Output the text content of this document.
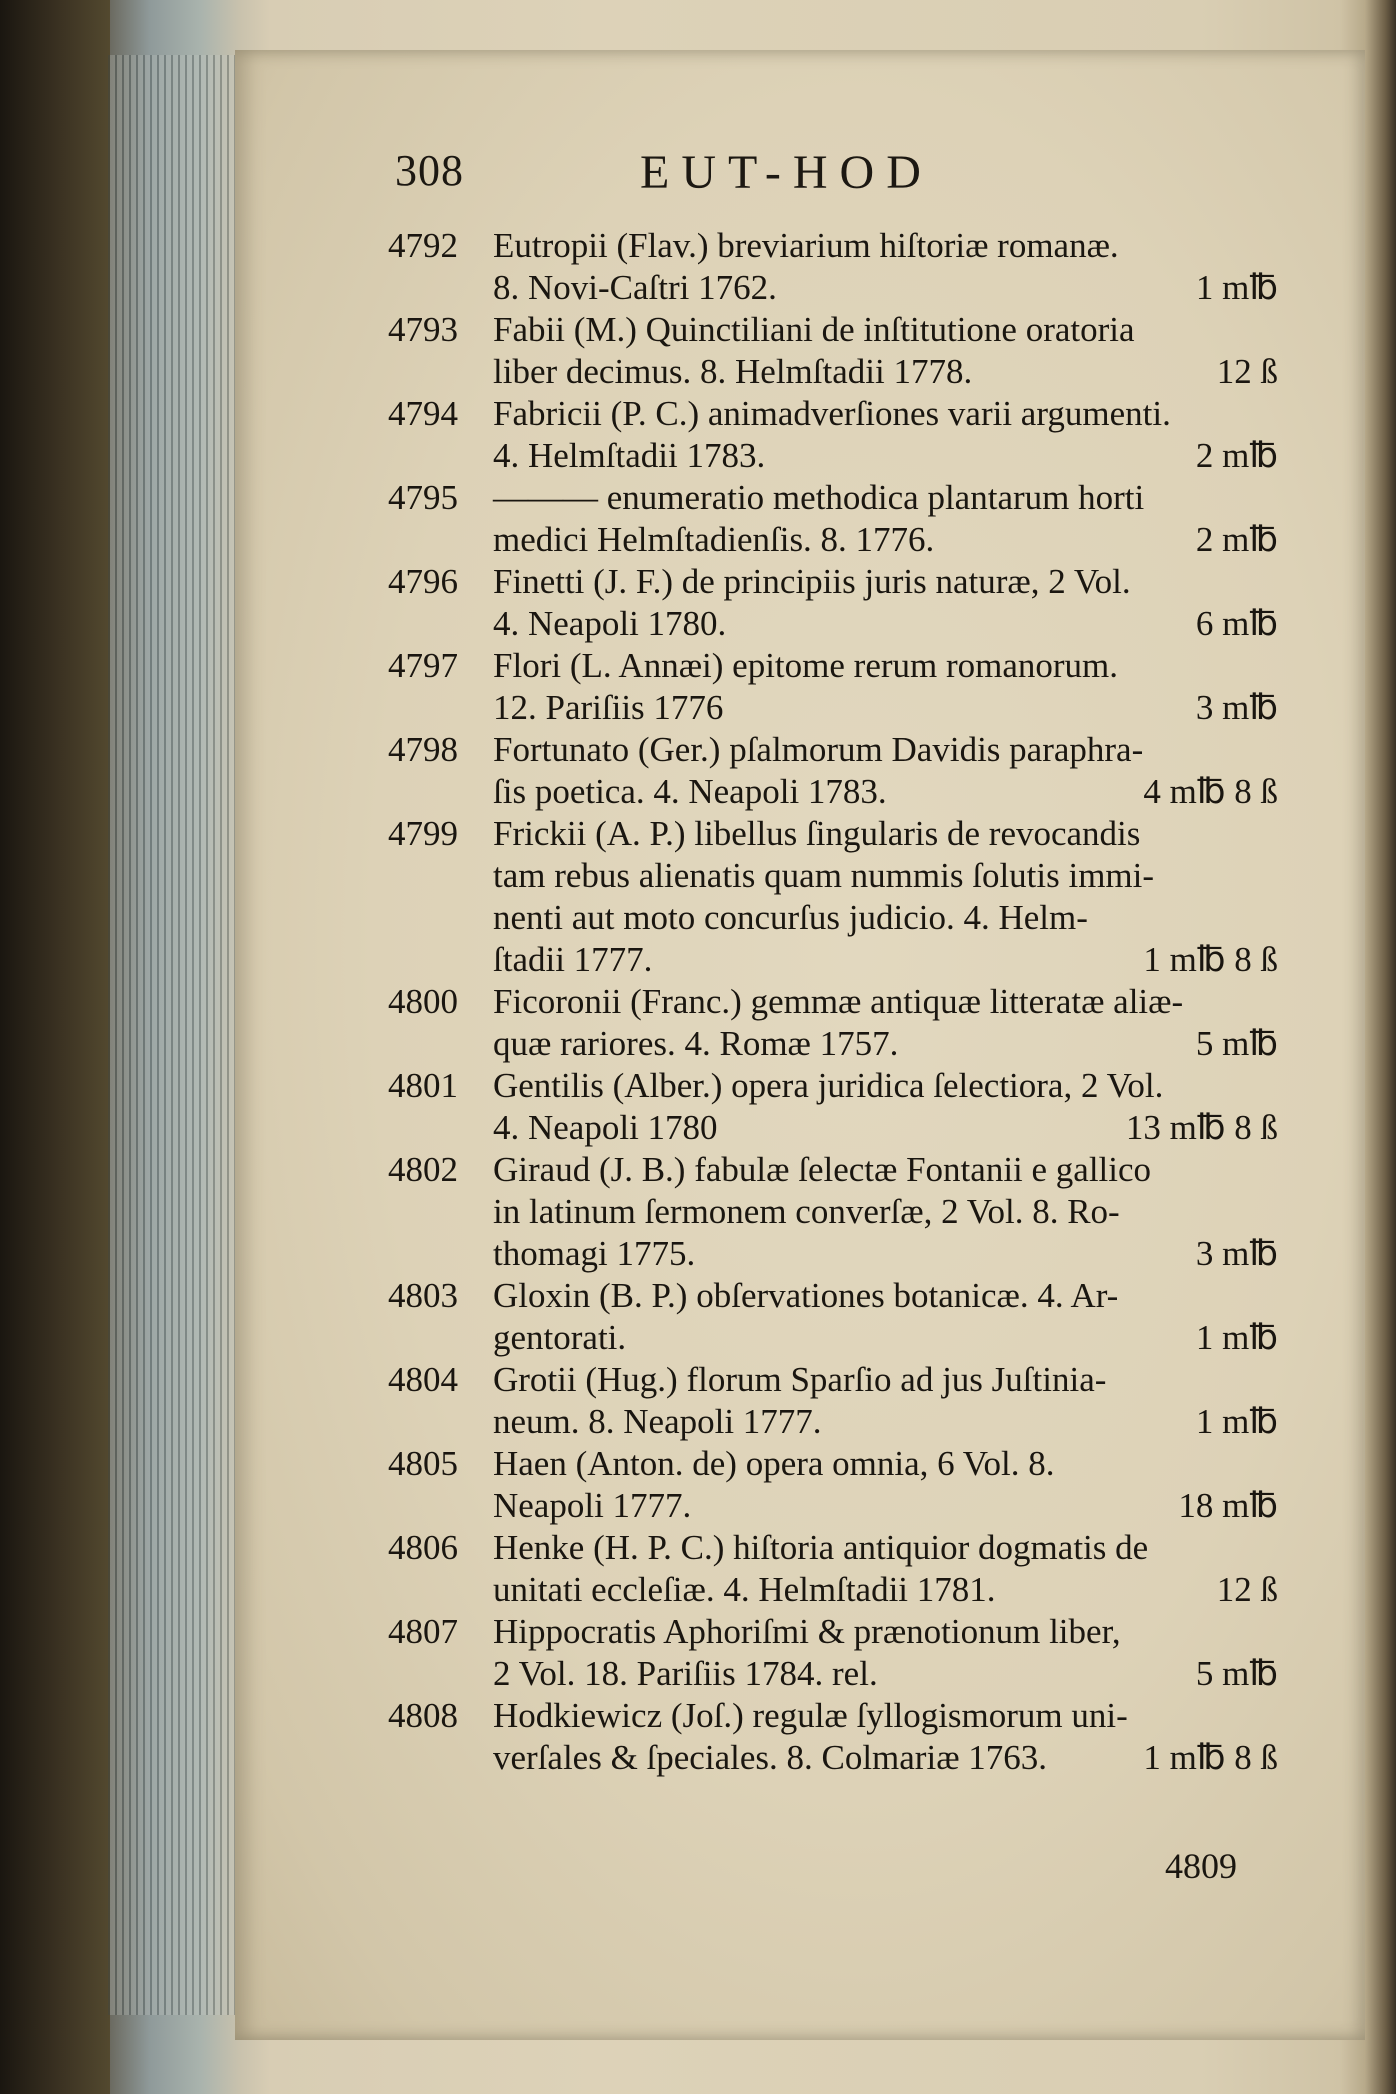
308	EUT-HOD
4792	Eutropii (Flav.) breviarium hiſtoriæ romanæ.
8. Novi-Caſtri 1762.	1 m℔
4793	Fabii (M.) Quinctiliani de inſtitutione oratoria
liber decimus. 8. Helmſtadii 1778.	12 ß
4794	Fabricii (P. C.) animadverſiones varii argumenti.
4. Helmſtadii 1783.	2 m℔
4795	——— enumeratio methodica plantarum horti
medici Helmſtadienſis. 8. 1776.	2 m℔
4796	Finetti (J. F.) de principiis juris naturæ, 2 Vol.
4. Neapoli 1780.	6 m℔
4797	Flori (L. Annæi) epitome rerum romanorum.
12. Pariſiis 1776	3 m℔
4798	Fortunato (Ger.) pſalmorum Davidis paraphra-
ſis poetica. 4. Neapoli 1783.	4 m℔ 8 ß
4799	Frickii (A. P.) libellus ſingularis de revocandis
tam rebus alienatis quam nummis ſolutis immi-
nenti aut moto concurſus judicio. 4. Helm-
ſtadii 1777.	1 m℔ 8 ß
4800	Ficoronii (Franc.) gemmæ antiquæ litteratæ aliæ-
quæ rariores. 4. Romæ 1757.	5 m℔
4801	Gentilis (Alber.) opera juridica ſelectiora, 2 Vol.
4. Neapoli 1780	13 m℔ 8 ß
4802	Giraud (J. B.) fabulæ ſelectæ Fontanii e gallico
in latinum ſermonem converſæ, 2 Vol. 8. Ro-
thomagi 1775.	3 m℔
4803	Gloxin (B. P.) obſervationes botanicæ. 4. Ar-
gentorati.	1 m℔
4804	Grotii (Hug.) florum Sparſio ad jus Juſtinia-
neum. 8. Neapoli 1777.	1 m℔
4805	Haen (Anton. de) opera omnia, 6 Vol. 8.
Neapoli 1777.	18 m℔
4806	Henke (H. P. C.) hiſtoria antiquior dogmatis de
unitati eccleſiæ. 4. Helmſtadii 1781.	12 ß
4807	Hippocratis Aphoriſmi & prænotionum liber,
2 Vol. 18. Pariſiis 1784. rel.	5 m℔
4808	Hodkiewicz (Joſ.) regulæ ſyllogismorum uni-
verſales & ſpeciales. 8. Colmariæ 1763.	1 m℔ 8 ß
4809
